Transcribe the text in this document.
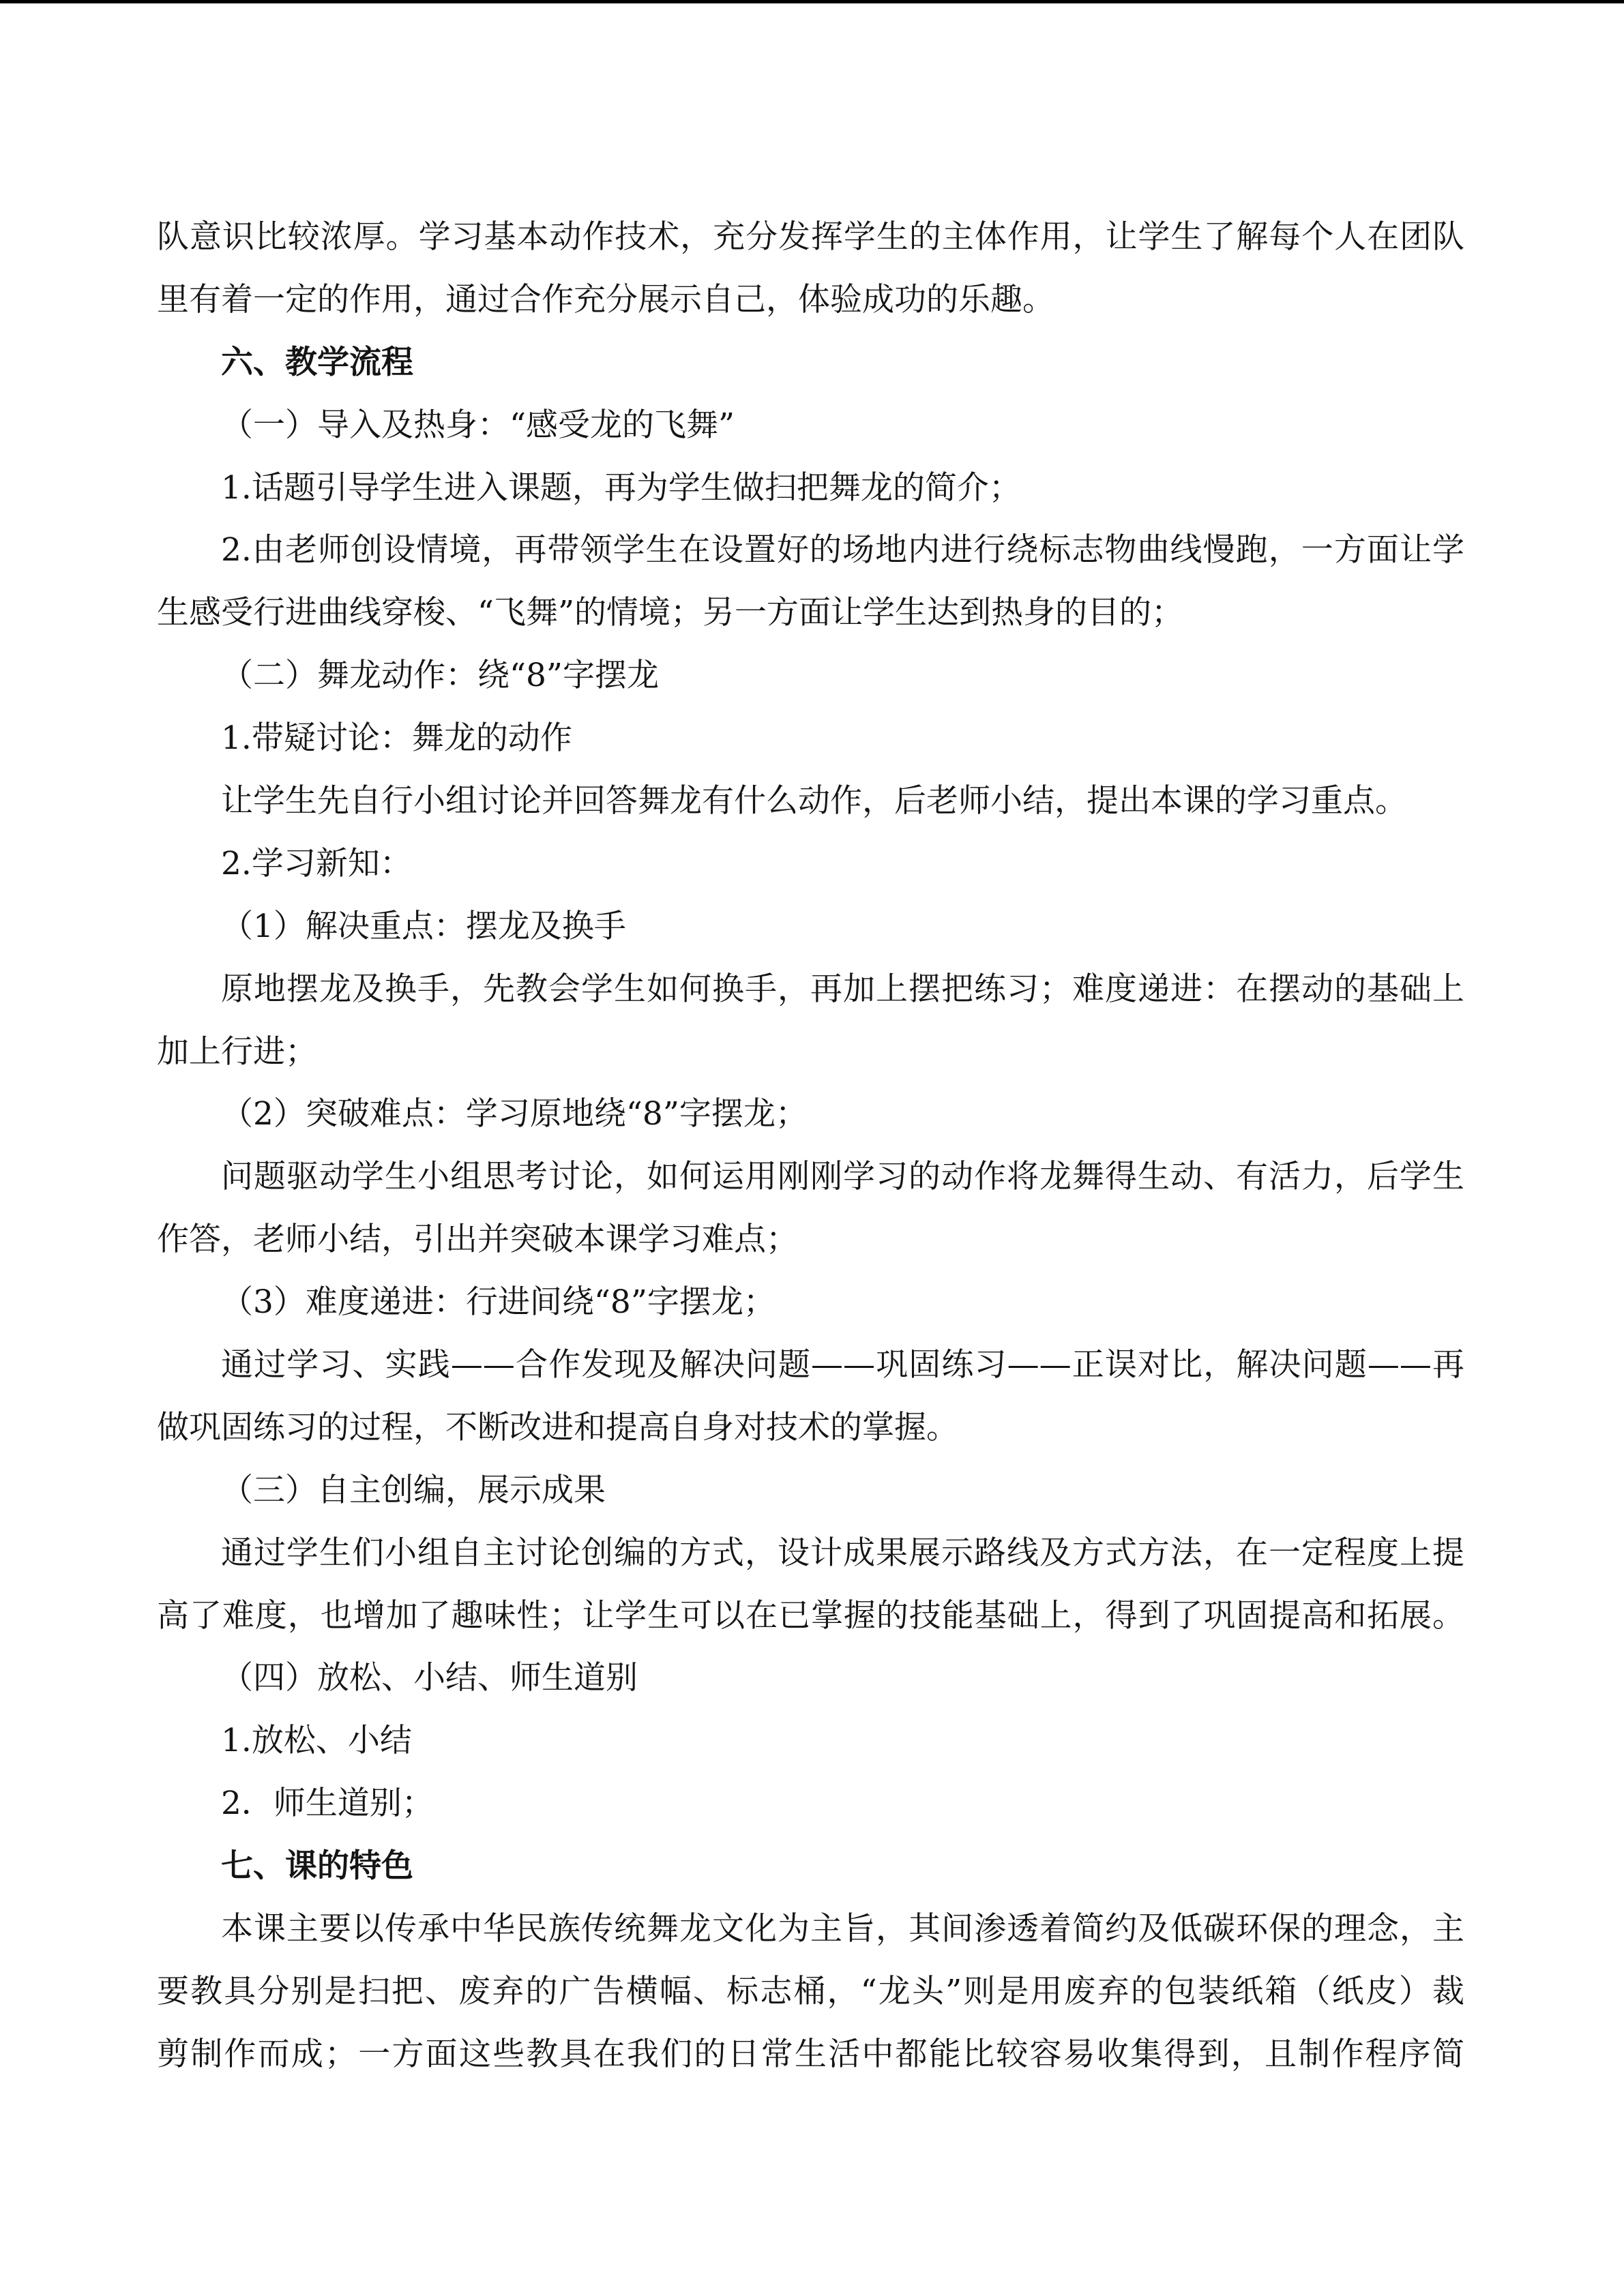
队意识比较浓厚。学习基本动作技术，充分发挥学生的主体作用，让学生了解每个人在团队
里有着一定的作用，通过合作充分展示自己，体验成功的乐趣。
六、教学流程
（一）导入及热身：“感受龙的飞舞”
1.话题引导学生进入课题，再为学生做扫把舞龙的简介；
2.由老师创设情境，再带领学生在设置好的场地内进行绕标志物曲线慢跑，一方面让学
生感受行进曲线穿梭、“飞舞”的情境；另一方面让学生达到热身的目的；
（二）舞龙动作：绕“8”字摆龙
1.带疑讨论：舞龙的动作
让学生先自行小组讨论并回答舞龙有什么动作，后老师小结，提出本课的学习重点。
2.学习新知：
（1）解决重点：摆龙及换手
原地摆龙及换手，先教会学生如何换手，再加上摆把练习；难度递进：在摆动的基础上
加上行进；
（2）突破难点：学习原地绕“8”字摆龙；
问题驱动学生小组思考讨论，如何运用刚刚学习的动作将龙舞得生动、有活力，后学生
作答，老师小结，引出并突破本课学习难点；
（3）难度递进：行进间绕“8”字摆龙；
通过学习、实践——合作发现及解决问题——巩固练习——正误对比，解决问题——再
做巩固练习的过程，不断改进和提高自身对技术的掌握。
（三）自主创编，展示成果
通过学生们小组自主讨论创编的方式，设计成果展示路线及方式方法，在一定程度上提
高了难度，也增加了趣味性；让学生可以在已掌握的技能基础上，得到了巩固提高和拓展。
（四）放松、小结、师生道别
1.放松、小结
2．师生道别；
七、课的特色
本课主要以传承中华民族传统舞龙文化为主旨，其间渗透着简约及低碳环保的理念，主
要教具分别是扫把、废弃的广告横幅、标志桶，“龙头”则是用废弃的包装纸箱（纸皮）裁
剪制作而成；一方面这些教具在我们的日常生活中都能比较容易收集得到，且制作程序简
